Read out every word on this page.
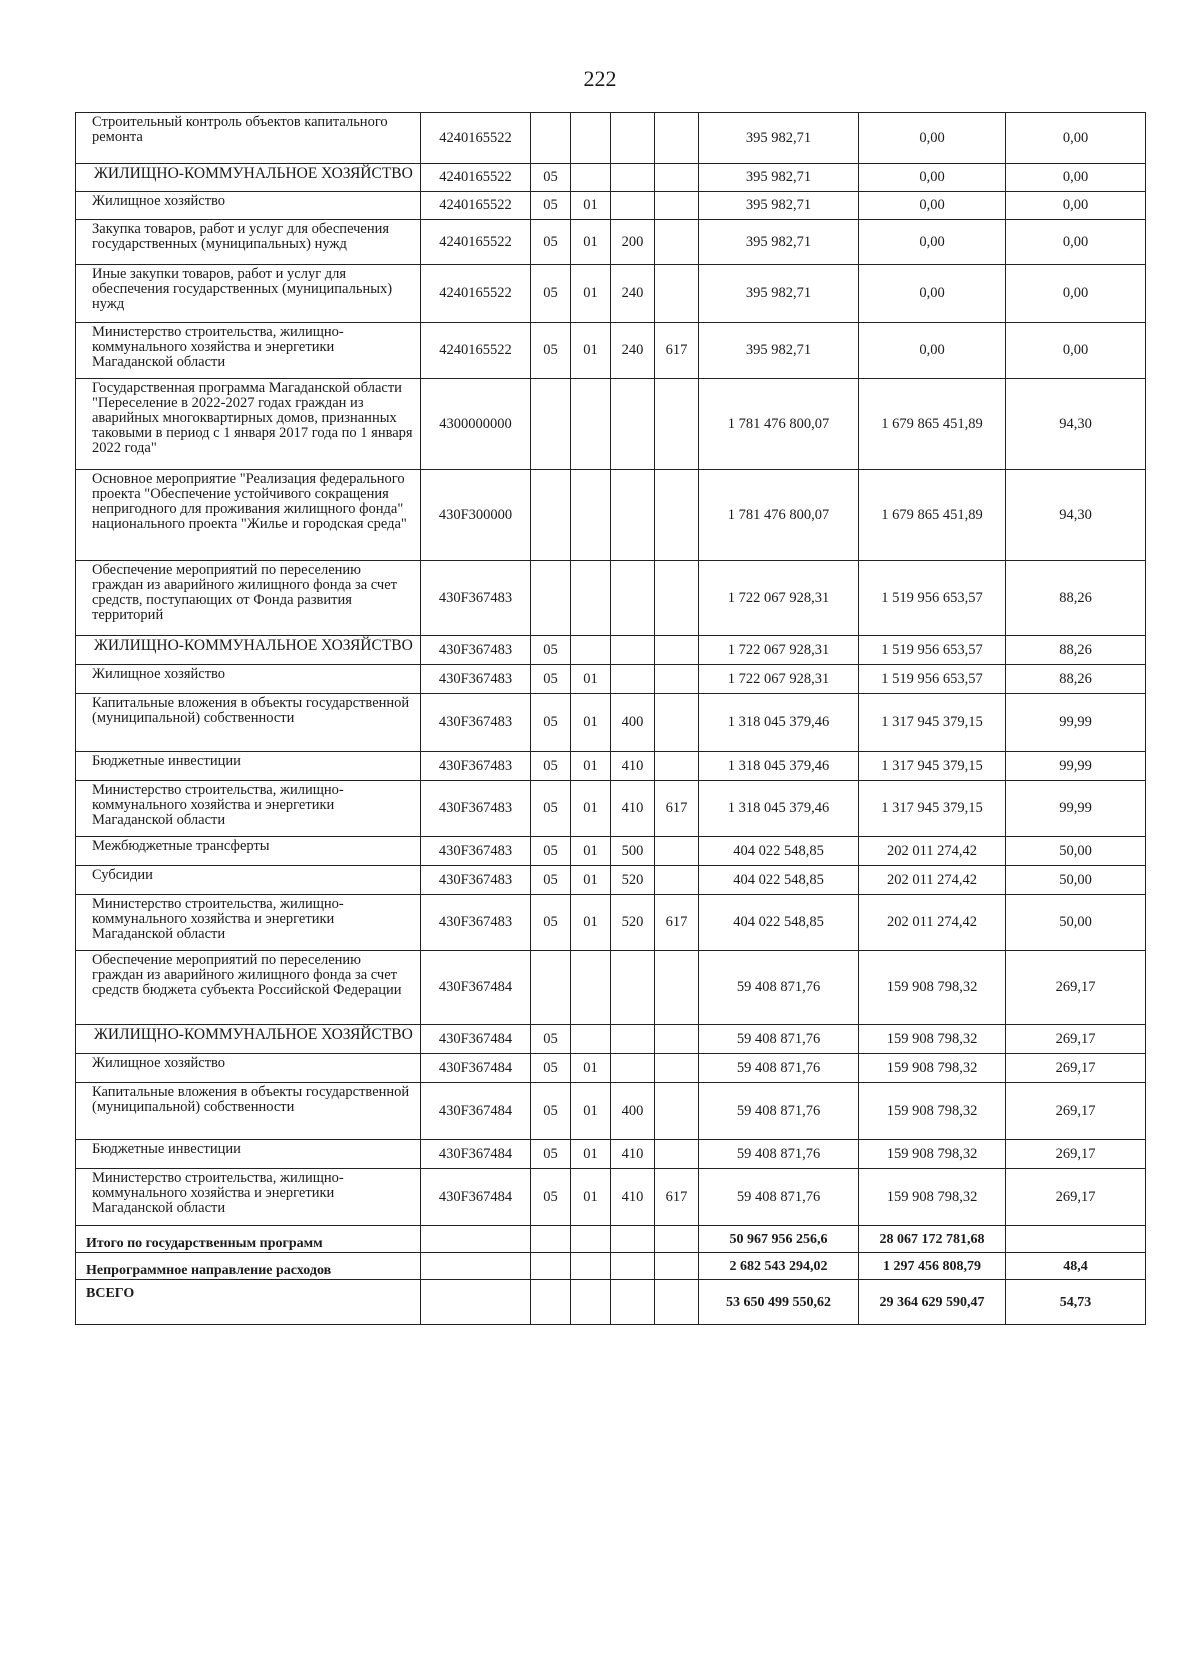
222
Строительный контроль объектов капитального ремонта	4240165522					395 982,71	0,00	0,00
ЖИЛИЩНО-КОММУНАЛЬНОЕ ХОЗЯЙСТВО	4240165522	05				395 982,71	0,00	0,00
Жилищное хозяйство	4240165522	05	01			395 982,71	0,00	0,00
Закупка товаров, работ и услуг для обеспечения государственных (муниципальных) нужд	4240165522	05	01	200		395 982,71	0,00	0,00
Иные закупки товаров, работ и услуг для обеспечения государственных (муниципальных) нужд	4240165522	05	01	240		395 982,71	0,00	0,00
Министерство строительства, жилищно-коммунального хозяйства и энергетики Магаданской области	4240165522	05	01	240	617	395 982,71	0,00	0,00
Государственная программа Магаданской области "Переселение в 2022-2027 годах граждан из аварийных многоквартирных домов, признанных таковыми в период с 1 января 2017 года по 1 января 2022 года"	4300000000					1 781 476 800,07	1 679 865 451,89	94,30
Основное мероприятие "Реализация федерального проекта "Обеспечение устойчивого сокращения непригодного для проживания жилищного фонда" национального проекта "Жилье и городская среда"	430F300000					1 781 476 800,07	1 679 865 451,89	94,30
Обеспечение мероприятий по переселению граждан из аварийного жилищного фонда за счет средств, поступающих от Фонда развития территорий	430F367483					1 722 067 928,31	1 519 956 653,57	88,26
ЖИЛИЩНО-КОММУНАЛЬНОЕ ХОЗЯЙСТВО	430F367483	05				1 722 067 928,31	1 519 956 653,57	88,26
Жилищное хозяйство	430F367483	05	01			1 722 067 928,31	1 519 956 653,57	88,26
Капитальные вложения в объекты государственной (муниципальной) собственности	430F367483	05	01	400		1 318 045 379,46	1 317 945 379,15	99,99
Бюджетные инвестиции	430F367483	05	01	410		1 318 045 379,46	1 317 945 379,15	99,99
Министерство строительства, жилищно-коммунального хозяйства и энергетики Магаданской области	430F367483	05	01	410	617	1 318 045 379,46	1 317 945 379,15	99,99
Межбюджетные трансферты	430F367483	05	01	500		404 022 548,85	202 011 274,42	50,00
Субсидии	430F367483	05	01	520		404 022 548,85	202 011 274,42	50,00
Министерство строительства, жилищно-коммунального хозяйства и энергетики Магаданской области	430F367483	05	01	520	617	404 022 548,85	202 011 274,42	50,00
Обеспечение мероприятий по переселению граждан из аварийного жилищного фонда за счет средств бюджета субъекта Российской Федерации	430F367484					59 408 871,76	159 908 798,32	269,17
ЖИЛИЩНО-КОММУНАЛЬНОЕ ХОЗЯЙСТВО	430F367484	05				59 408 871,76	159 908 798,32	269,17
Жилищное хозяйство	430F367484	05	01			59 408 871,76	159 908 798,32	269,17
Капитальные вложения в объекты государственной (муниципальной) собственности	430F367484	05	01	400		59 408 871,76	159 908 798,32	269,17
Бюджетные инвестиции	430F367484	05	01	410		59 408 871,76	159 908 798,32	269,17
Министерство строительства, жилищно-коммунального хозяйства и энергетики Магаданской области	430F367484	05	01	410	617	59 408 871,76	159 908 798,32	269,17
Итого по государственным программ						50 967 956 256,6	28 067 172 781,68	
Непрограммное направление расходов						2 682 543 294,02	1 297 456 808,79	48,4
ВСЕГО						53 650 499 550,62	29 364 629 590,47	54,73
